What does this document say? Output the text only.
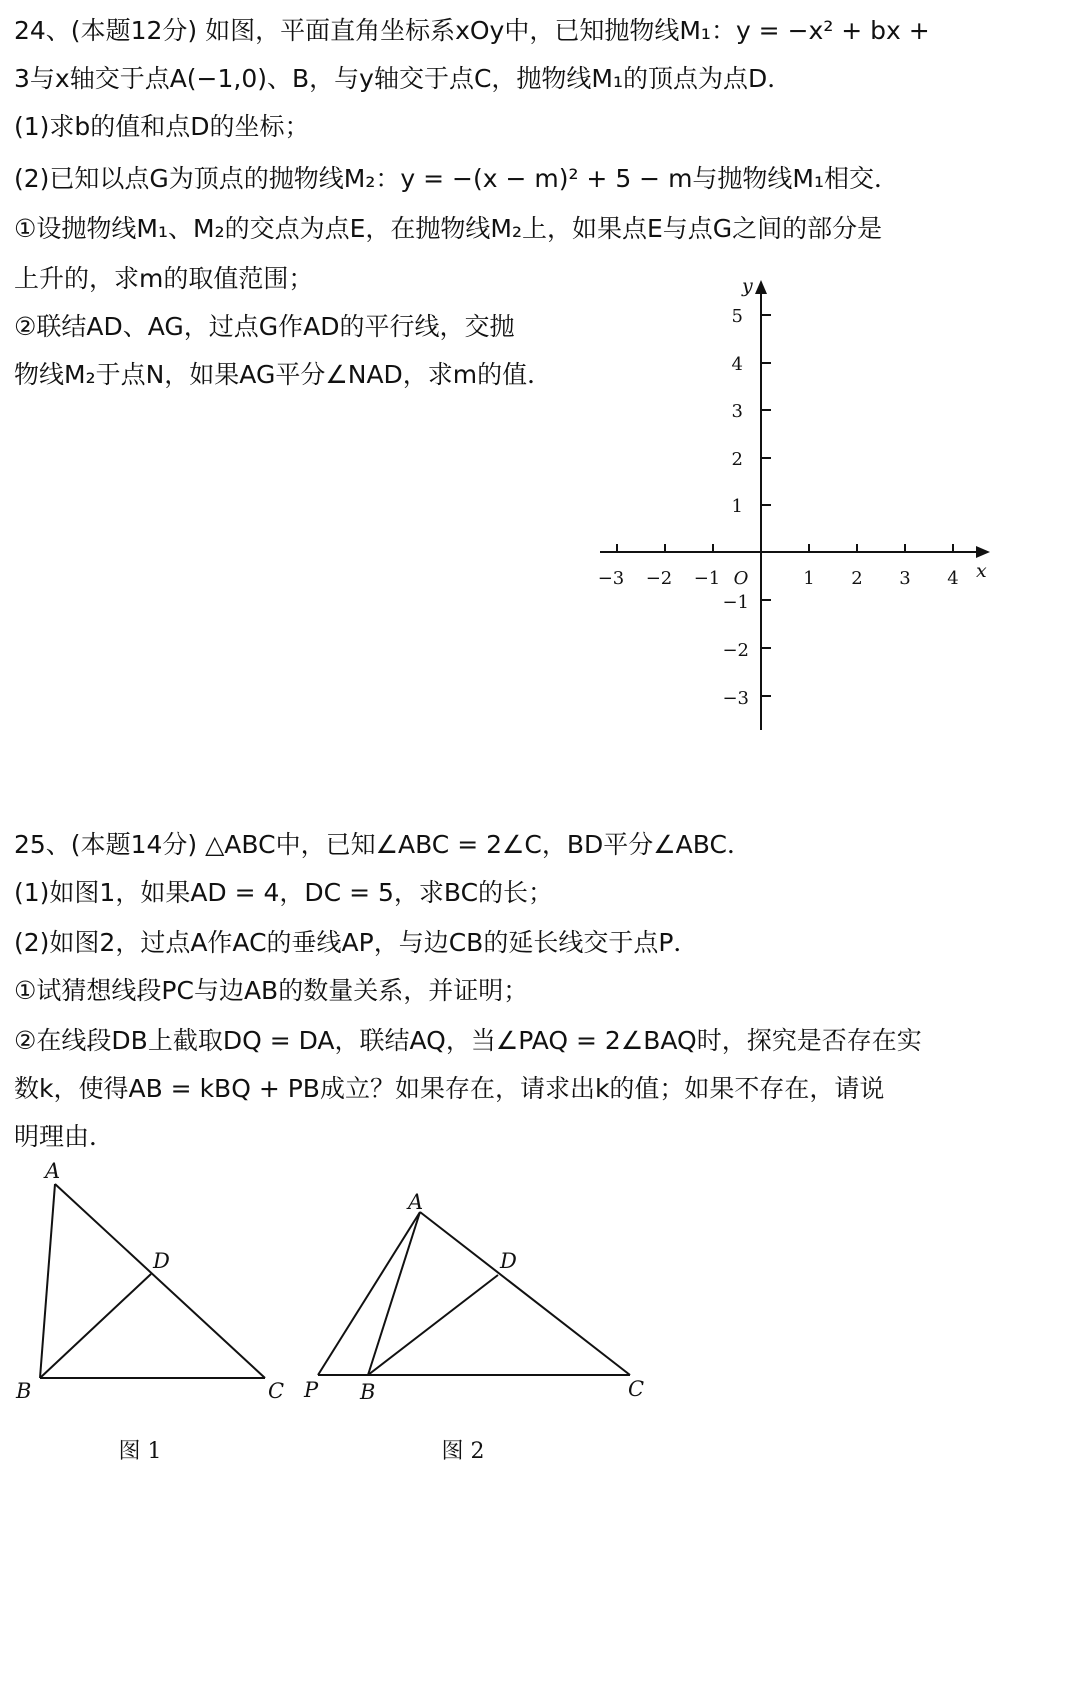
24、(本题12分) 如图，平面直角坐标系xOy中，已知抛物线M₁：y = −x² + bx +
3与x轴交于点A(−1,0)、B，与y轴交于点C，抛物线M₁的顶点为点D．
(1)求b的值和点D的坐标；
(2)已知以点G为顶点的抛物线M₂：y = −(x − m)² + 5 − m与抛物线M₁相交．
①设抛物线M₁、M₂的交点为点E，在抛物线M₂上，如果点E与点G之间的部分是
上升的，求m的取值范围；
②联结AD、AG，过点G作AD的平行线，交抛
物线M₂于点N，如果AG平分∠NAD，求m的值．
−3 −2 −1	1 2 3 4
O	x
y
5
4
3
2
1
−1
−2
−3
25、(本题14分) △ABC中，已知∠ABC = 2∠C，BD平分∠ABC．
(1)如图1，如果AD = 4，DC = 5，求BC的长；
(2)如图2，过点A作AC的垂线AP，与边CB的延长线交于点P．
①试猜想线段PC与边AB的数量关系，并证明；
②在线段DB上截取DQ = DA，联结AQ，当∠PAQ = 2∠BAQ时，探究是否存在实
数k，使得AB = kBQ + PB成立？如果存在，请求出k的值；如果不存在，请说
明理由．
A
B	C
D
图 1
A
P B	C
D
图 2
